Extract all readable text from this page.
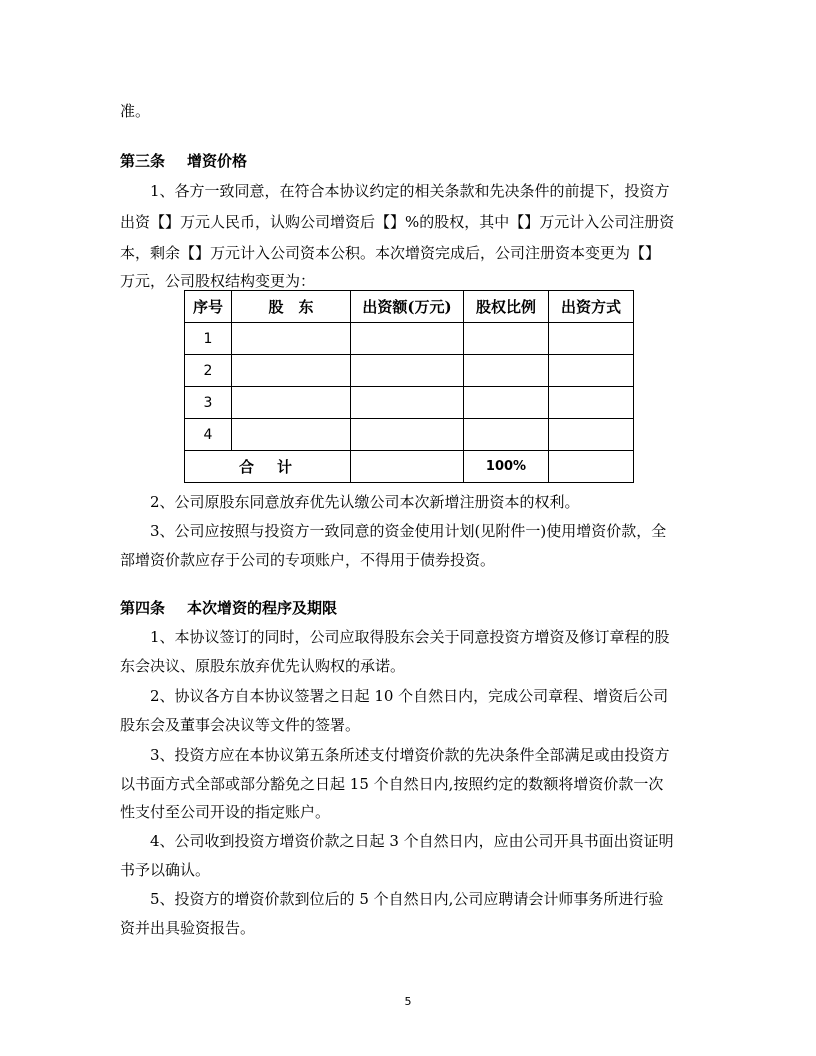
准。
第三条 增资价格
1、各方一致同意，在符合本协议约定的相关条款和先决条件的前提下，投资方
出资【】万元人民币，认购公司增资后【】%的股权，其中【】万元计入公司注册资
本，剩余【】万元计入公司资本公积。本次增资完成后，公司注册资本变更为【】
万元，公司股权结构变更为：
序号	股　东	出资额(万元)	股权比例	出资方式
1				
2				
3				
4				
合　计			100%	
2、公司原股东同意放弃优先认缴公司本次新增注册资本的权利。
3、公司应按照与投资方一致同意的资金使用计划(见附件一)使用增资价款，全
部增资价款应存于公司的专项账户，不得用于债券投资。
第四条 本次增资的程序及期限
1、本协议签订的同时，公司应取得股东会关于同意投资方增资及修订章程的股
东会决议、原股东放弃优先认购权的承诺。
2、协议各方自本协议签署之日起 10 个自然日内，完成公司章程、增资后公司
股东会及董事会决议等文件的签署。
3、投资方应在本协议第五条所述支付增资价款的先决条件全部满足或由投资方
以书面方式全部或部分豁免之日起 15 个自然日内,按照约定的数额将增资价款一次
性支付至公司开设的指定账户。
4、公司收到投资方增资价款之日起 3 个自然日内，应由公司开具书面出资证明
书予以确认。
5、投资方的增资价款到位后的 5 个自然日内,公司应聘请会计师事务所进行验
资并出具验资报告。
5
